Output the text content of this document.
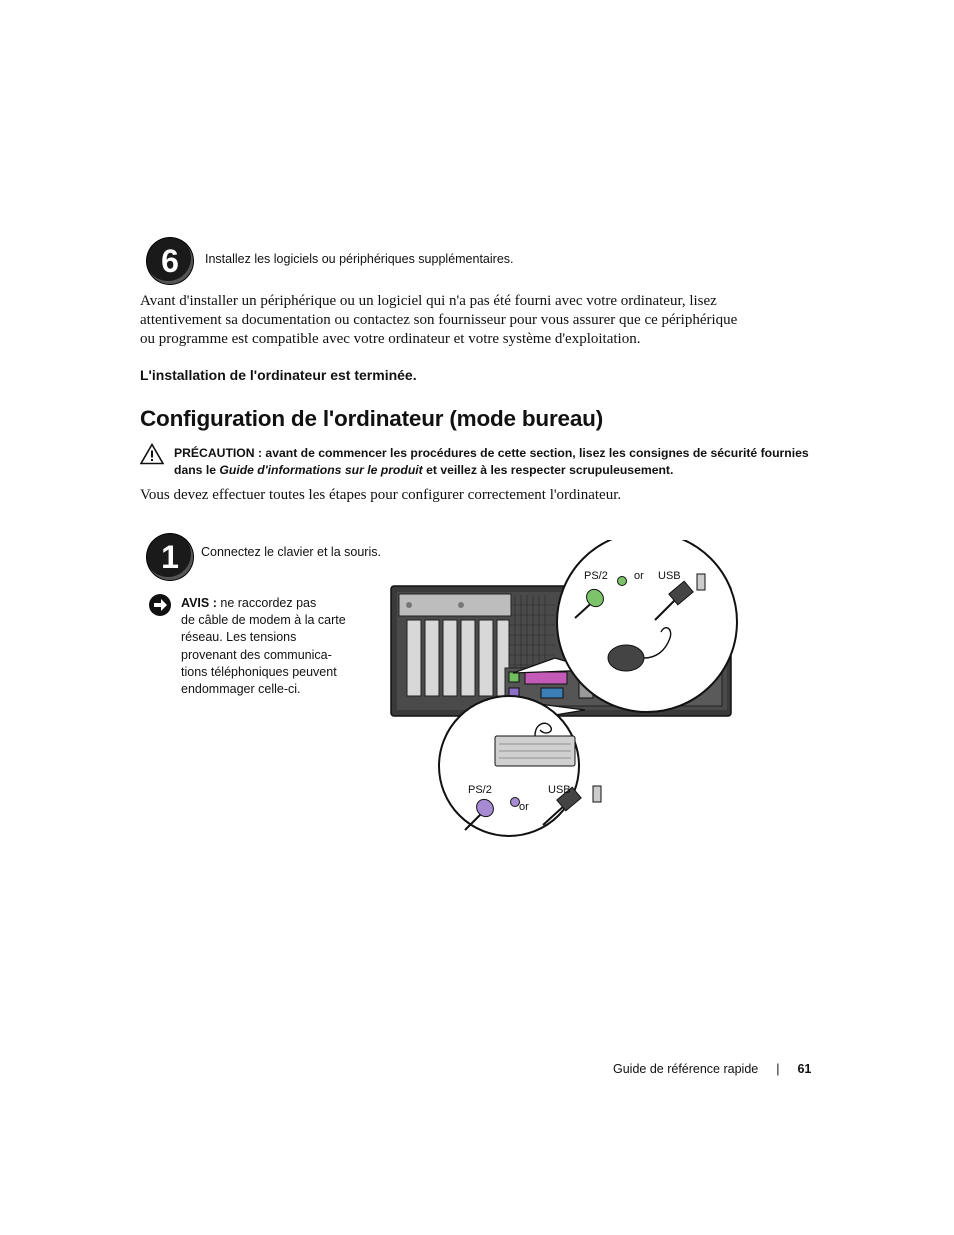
6 Installez les logiciels ou périphériques supplémentaires.
Avant d'installer un périphérique ou un logiciel qui n'a pas été fourni avec votre ordinateur, lisez
attentivement sa documentation ou contactez son fournisseur pour vous assurer que ce périphérique
ou programme est compatible avec votre ordinateur et votre système d'exploitation.
L'installation de l'ordinateur est terminée.
Configuration de l'ordinateur (mode bureau)
PRÉCAUTION : avant de commencer les procédures de cette section, lisez les consignes de sécurité fournies
dans le Guide d'informations sur le produit et veillez à les respecter scrupuleusement.
Vous devez effectuer toutes les étapes pour configurer correctement l'ordinateur.
1 Connectez le clavier et la souris.
AVIS : ne raccordez pas
de câble de modem à la carte
réseau. Les tensions
provenant des communica-
tions téléphoniques peuvent
endommager celle-ci.
PS/2 or USB
PS/2
or
USB
Guide de référence rapide | 61
